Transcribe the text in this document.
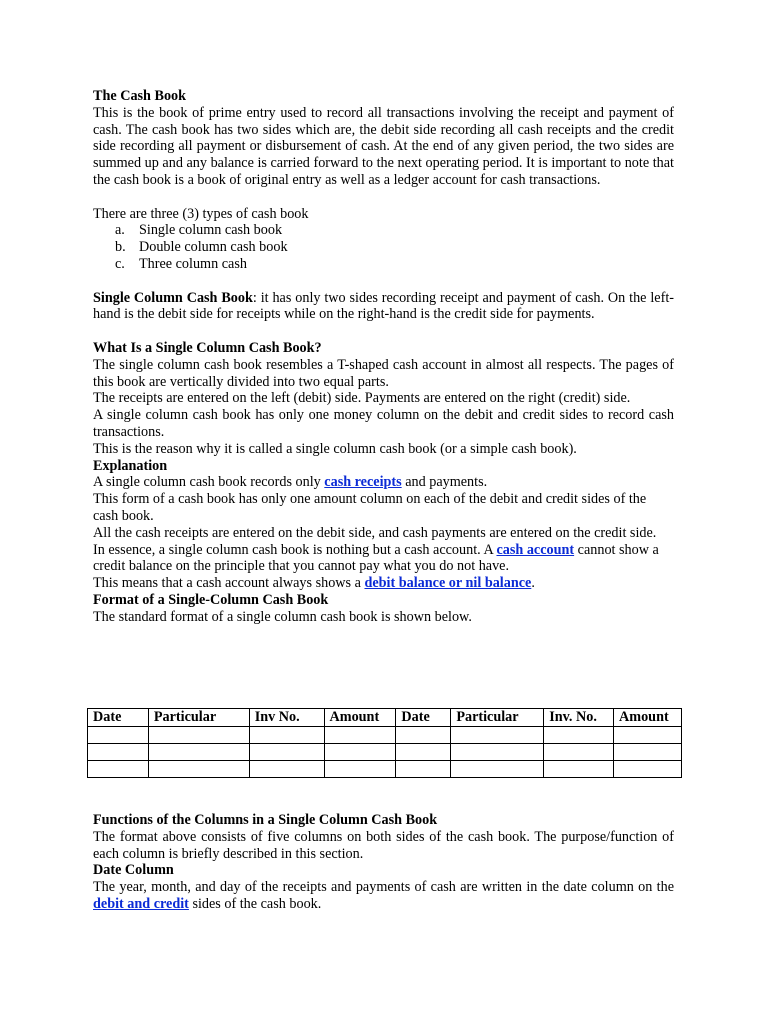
The Cash Book

This is the book of prime entry used to record all transactions involving the receipt and payment of cash. The cash book has two sides which are, the debit side recording all cash receipts and the credit side recording all payment or disbursement of cash. At the end of any given period, the two sides are summed up and any balance is carried forward to the next operating period. It is important to note that the cash book is a book of original entry as well as a ledger account for cash transactions.

There are three (3) types of cash book

a. Single column cash book
b. Double column cash book
c. Three column cash

Single Column Cash Book: it has only two sides recording receipt and payment of cash. On the left-hand is the debit side for receipts while on the right-hand is the credit side for payments.

What Is a Single Column Cash Book?

The single column cash book resembles a T-shaped cash account in almost all respects. The pages of this book are vertically divided into two equal parts.

The receipts are entered on the left (debit) side. Payments are entered on the right (credit) side.

A single column cash book has only one money column on the debit and credit sides to record cash transactions.

This is the reason why it is called a single column cash book (or a simple cash book).

Explanation

A single column cash book records only cash receipts and payments.

This form of a cash book has only one amount column on each of the debit and credit sides of the cash book.

All the cash receipts are entered on the debit side, and cash payments are entered on the credit side.

In essence, a single column cash book is nothing but a cash account. A cash account cannot show a credit balance on the principle that you cannot pay what you do not have.

This means that a cash account always shows a debit balance or nil balance.

Format of a Single-Column Cash Book

The standard format of a single column cash book is shown below.

Date	Particular	Inv No.	Amount	Date	Particular	Inv. No.	Amount

Functions of the Columns in a Single Column Cash Book

The format above consists of five columns on both sides of the cash book. The purpose/function of each column is briefly described in this section.

Date Column

The year, month, and day of the receipts and payments of cash are written in the date column on the debit and credit sides of the cash book.
